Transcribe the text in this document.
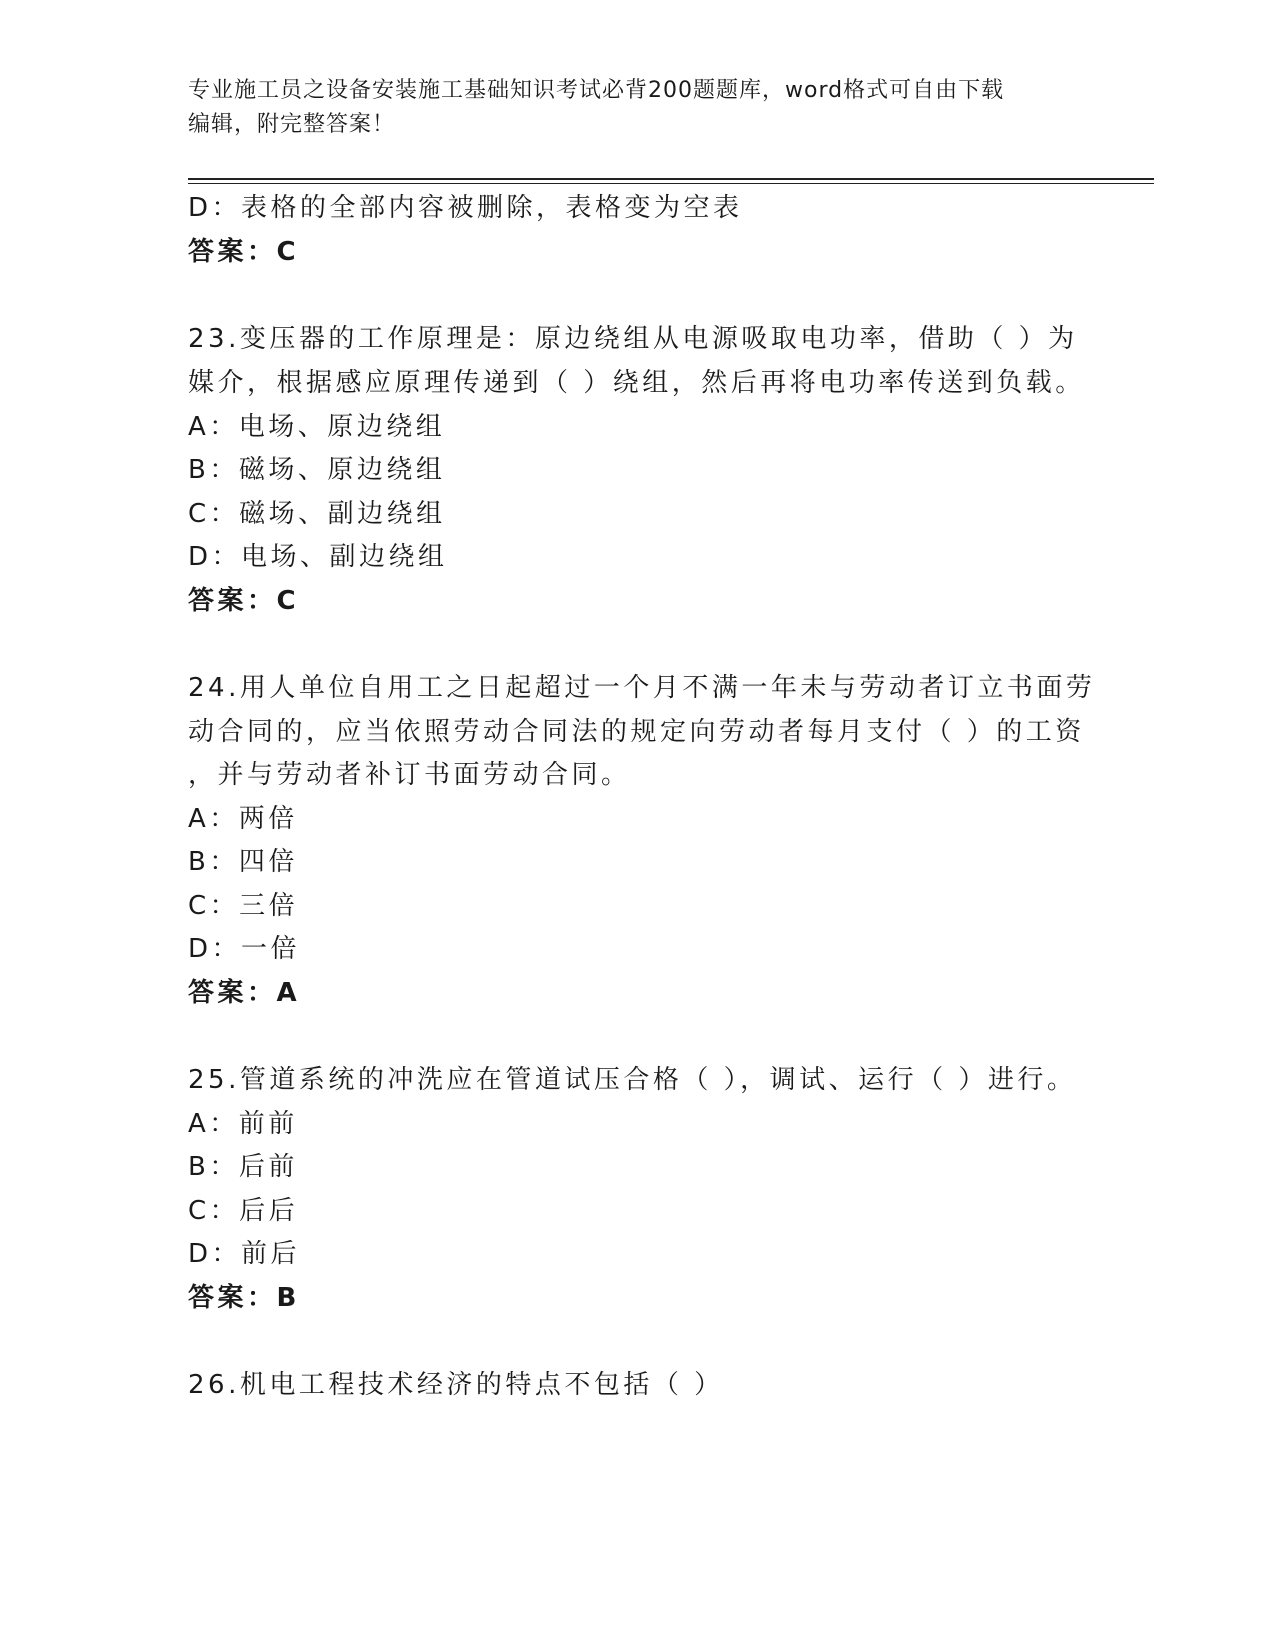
专业施工员之设备安装施工基础知识考试必背200题题库，word格式可自由下载
编辑，附完整答案！
D：表格的全部内容被删除，表格变为空表
答案：C
23.变压器的工作原理是：原边绕组从电源吸取电功率，借助（ ）为
媒介，根据感应原理传递到（ ）绕组，然后再将电功率传送到负载。
A：电场、原边绕组
B：磁场、原边绕组
C：磁场、副边绕组
D：电场、副边绕组
答案：C
24.用人单位自用工之日起超过一个月不满一年未与劳动者订立书面劳
动合同的，应当依照劳动合同法的规定向劳动者每月支付（ ）的工资
，并与劳动者补订书面劳动合同。
A：两倍
B：四倍
C：三倍
D：一倍
答案：A
25.管道系统的冲洗应在管道试压合格（ ），调试、运行（ ）进行。
A：前前
B：后前
C：后后
D：前后
答案：B
26.机电工程技术经济的特点不包括（ ）
